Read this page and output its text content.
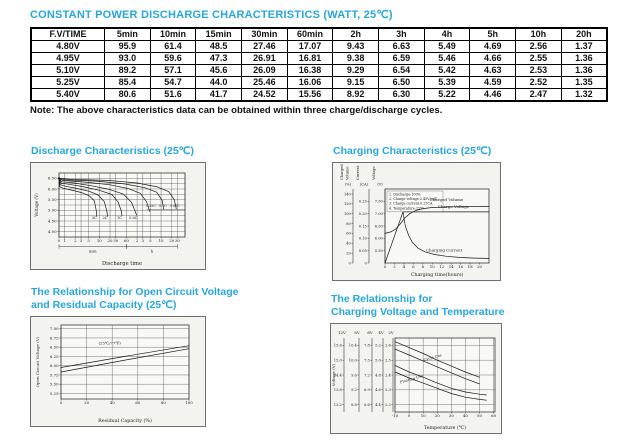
CONSTANT POWER DISCHARGE CHARACTERISTICS (WATT, 25℃)
F.V/TIME	5min	10min	15min	30min	60min	2h	3h	4h	5h	10h	20h
4.80V	95.9	61.4	48.5	27.46	17.07	9.43	6.63	5.49	4.69	2.56	1.37
4.95V	93.0	59.6	47.3	26.91	16.81	9.38	6.59	5.46	4.66	2.55	1.36
5.10V	89.2	57.1	45.6	26.09	16.38	9.29	6.54	5.42	4.63	2.53	1.36
5.25V	85.4	54.7	44.0	25.46	16.06	9.15	6.50	5.39	4.59	2.52	1.35
5.40V	80.6	51.6	41.7	24.52	15.56	8.92	6.30	5.22	4.46	2.47	1.32

Note: The above characteristics data can be obtained within three charge/discharge cycles.

Discharge Characteristics (25℃)
0 1 2 3 5 10 20 30 60 2 3 5 10 20 30
4.00
4.50
5.00
5.50
6.00
6.50
3C 2C	1C 0.6C
0.25C 0.1C 0.05C
min	h
Discharge time
Voltage (V)
Charging Characteristics (25℃)
0 2 4 6 8 10 12 14 16 18 20
0
20
40
60
80
100
120
140
(%)
Charged Volume
0
0.05
0.10
0.15
0.20
0.25
(CA)
Current
5.50
6.00
6.50
7.00
7.50
(V)
Voltage
Charged Volume
Charge Voltage
Charging Current
1. Discharge:100%
2. Charge voltage:2.45V/cell
3. Charge current:0.25CA
4. Temperature:25℃
Charging time(hours)
The Relationship for Open Circuit Voltage
and Residual Capacity (25℃)
0	20	40	60	80	100
5.25
5.50
5.75
6.00
6.25
6.50
6.75
7.00
(25℃/77℉)
Residual Capacity (%)
Open Circuit Voltage (V)
The Relationship for
Charging Voltage and Temperature
-10 0	10 20 30 40 50 60
15.6
15.0
14.4
13.8
13.2
12V
10.4
10.0
9.6
9.2
8.8
8V
7.8
7.5
7.2
6.9
6.6
6V
5.2
5.0
4.8
4.6
4.4
4V
2.6
2.5
2.4
2.3
2.2
2V
Cycle Use
Floating Use
Temperature (℃)
Voltage (V)
